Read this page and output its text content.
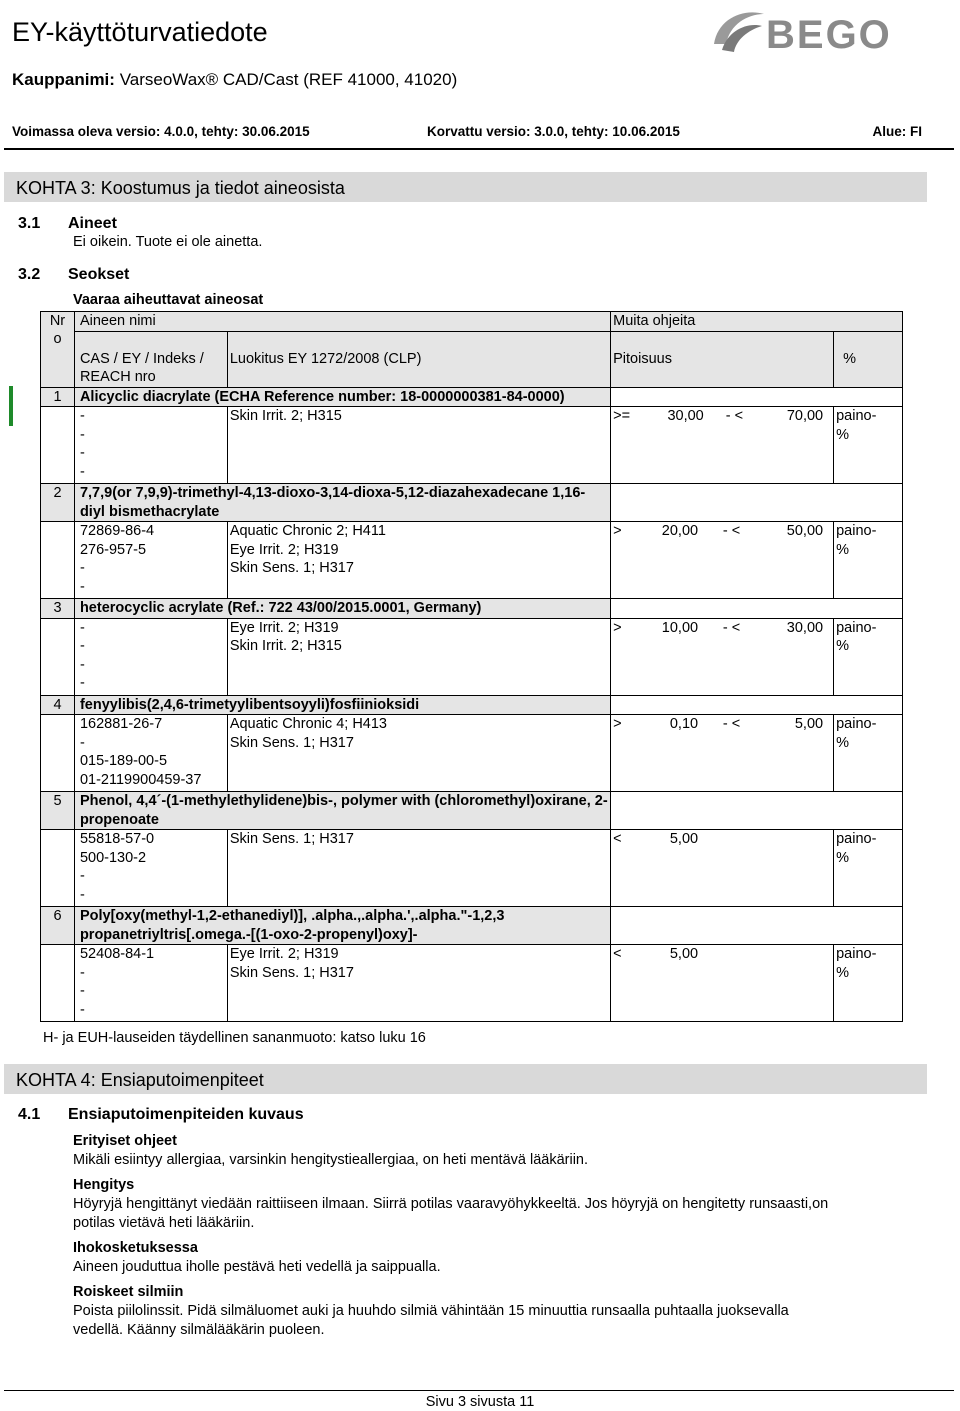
EY-käyttöturvatiedote	BEGO
Kauppanimi: VarseoWax® CAD/Cast (REF 41000, 41020)
Voimassa oleva versio: 4.0.0, tehty: 30.06.2015	Korvattu versio: 3.0.0, tehty: 10.06.2015	Alue: FI
KOHTA 3: Koostumus ja tiedot aineosista
3.1 Aineet
Ei oikein. Tuote ei ole ainetta.
3.2 Seokset
Vaaraa aiheuttavat aineosat
Nr
o	Aineen nimi		Muita ohjeita	
	CAS / EY / Indeks / REACH nro	Luokitus EY 1272/2008 (CLP)	Pitoisuus	%
1	Alicyclic diacrylate (ECHA Reference number: 18-0000000381-84-0000)			
	-
-
-
-	Skin Irrit. 2; H315	>= 30,00 - < 70,00	paino-
%
2	7,7,9(or 7,9,9)-trimethyl-4,13-dioxo-3,14-dioxa-5,12-diazahexadecane 1,16-diyl bismethacrylate			
	72869-86-4
276-957-5
-
-	Aquatic Chronic 2; H411
Eye Irrit. 2; H319
Skin Sens. 1; H317	> 20,00 - < 50,00	paino-
%
3	heterocyclic acrylate (Ref.: 722 43/00/2015.0001, Germany)			
	-
-
-
-	Eye Irrit. 2; H319
Skin Irrit. 2; H315	> 10,00 - < 30,00	paino-
%
4	fenyylibis(2,4,6-trimetyylibentsoyyli)fosfiinioksidi			
	162881-26-7
-
015-189-00-5
01-2119900459-37	Aquatic Chronic 4; H413
Skin Sens. 1; H317	> 0,10 - < 5,00	paino-
%
5	Phenol, 4,4´-(1-methylethylidene)bis-, polymer with (chloromethyl)oxirane, 2-propenoate			
	55818-57-0
500-130-2
-
-	Skin Sens. 1; H317	< 5,00	paino-
%
6	Poly[oxy(methyl-1,2-ethanediyl)], .alpha.,.alpha.',.alpha."-1,2,3 propanetriyltris[.omega.-[(1-oxo-2-propenyl)oxy]-			
	52408-84-1
-
-
-	Eye Irrit. 2; H319
Skin Sens. 1; H317	< 5,00	paino-
%
H- ja EUH-lauseiden täydellinen sananmuoto: katso luku 16
KOHTA 4: Ensiaputoimenpiteet
4.1 Ensiaputoimenpiteiden kuvaus
Erityiset ohjeet
Mikäli esiintyy allergiaa, varsinkin hengitystieallergiaa, on heti mentävä lääkäriin.
Hengitys
Höyryjä hengittänyt viedään raittiiseen ilmaan. Siirrä potilas vaaravyöhykkeeltä. Jos höyryjä on hengitetty runsaasti,on
potilas vietävä heti lääkäriin.
Ihokosketuksessa
Aineen jouduttua iholle pestävä heti vedellä ja saippualla.
Roiskeet silmiin
Poista piilolinssit. Pidä silmäluomet auki ja huuhdo silmiä vähintään 15 minuuttia runsaalla puhtaalla juoksevalla
vedellä. Käänny silmälääkärin puoleen.
Sivu 3 sivusta 11
